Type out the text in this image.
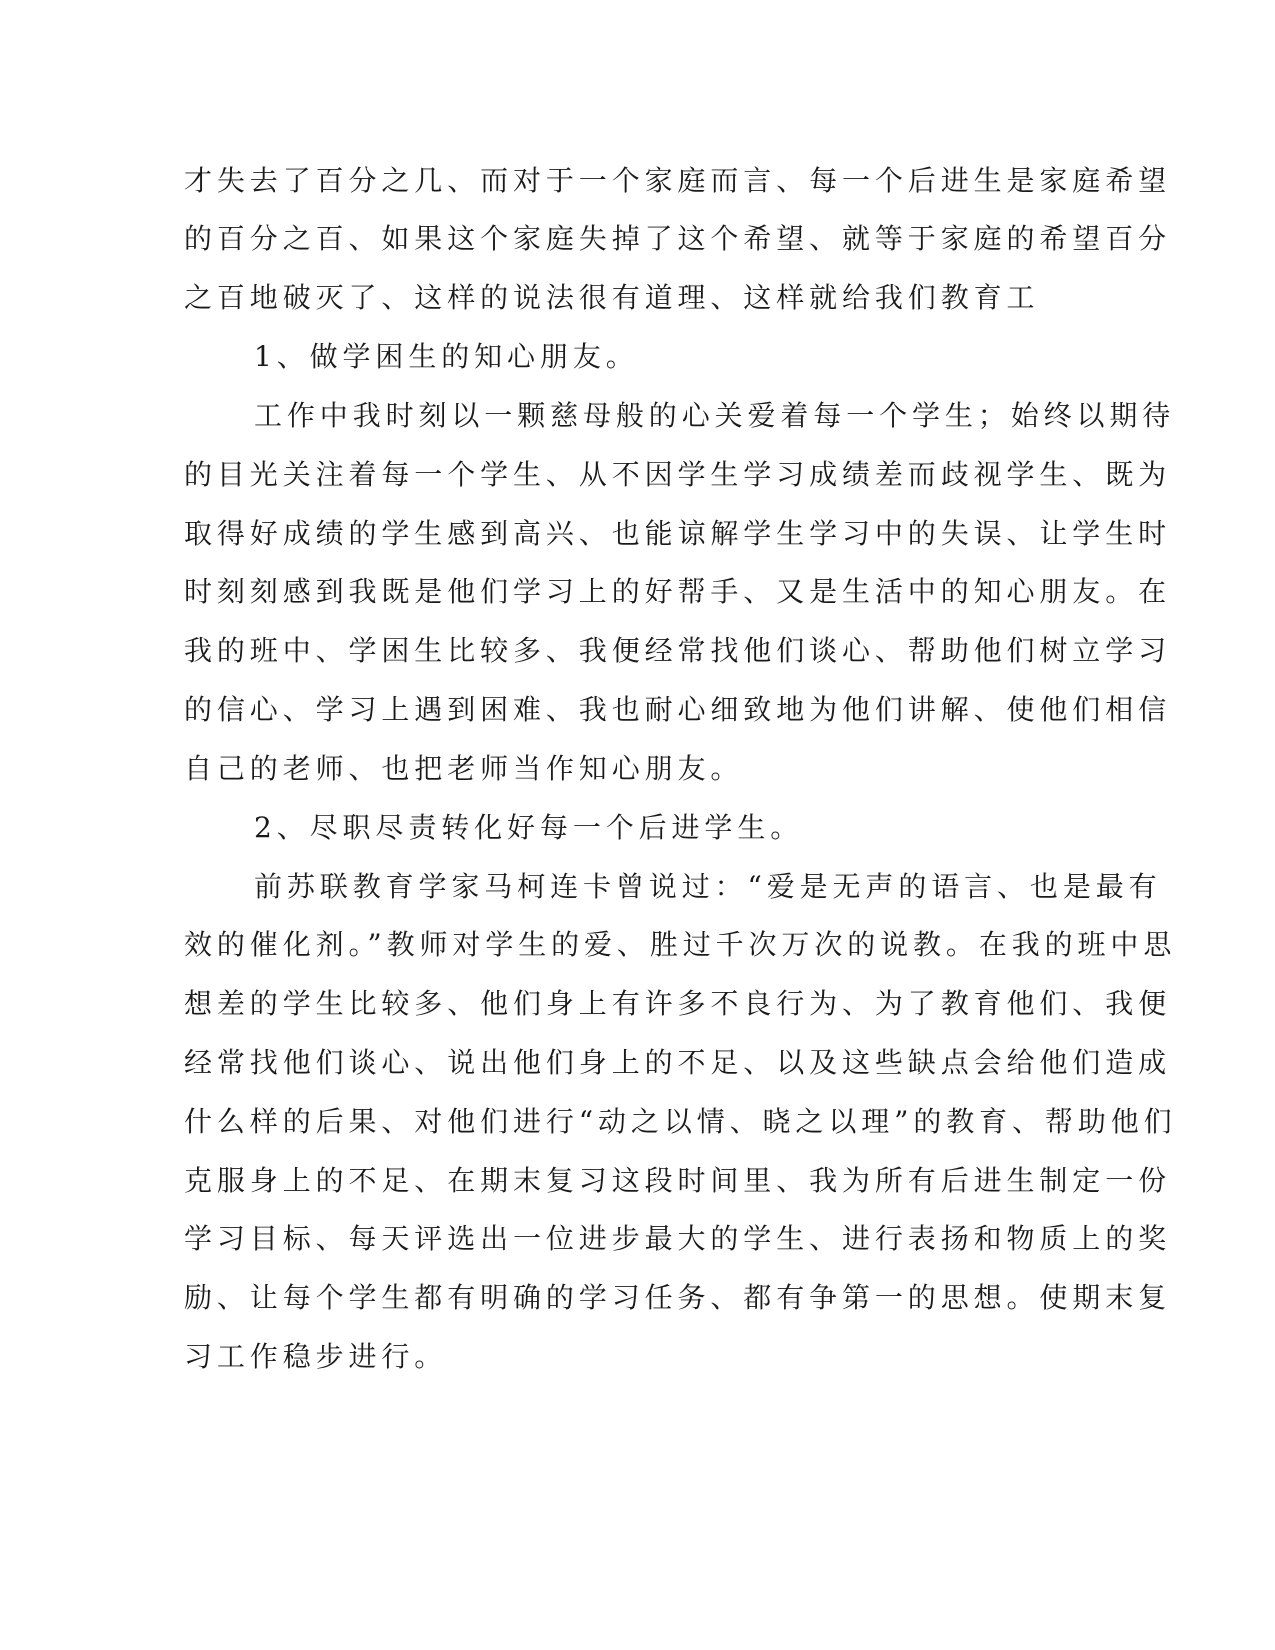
才失去了百分之几、而对于一个家庭而言、每一个后进生是家庭希望

的百分之百、如果这个家庭失掉了这个希望、就等于家庭的希望百分

之百地破灭了、这样的说法很有道理、这样就给我们教育工

1、做学困生的知心朋友。

工作中我时刻以一颗慈母般的心关爱着每一个学生；始终以期待

的目光关注着每一个学生、从不因学生学习成绩差而歧视学生、既为

取得好成绩的学生感到高兴、也能谅解学生学习中的失误、让学生时

时刻刻感到我既是他们学习上的好帮手、又是生活中的知心朋友。在

我的班中、学困生比较多、我便经常找他们谈心、帮助他们树立学习

的信心、学习上遇到困难、我也耐心细致地为他们讲解、使他们相信

自己的老师、也把老师当作知心朋友。

2、尽职尽责转化好每一个后进学生。

前苏联教育学家马柯连卡曾说过：“爱是无声的语言、也是最有

效的催化剂。”教师对学生的爱、胜过千次万次的说教。在我的班中思

想差的学生比较多、他们身上有许多不良行为、为了教育他们、我便

经常找他们谈心、说出他们身上的不足、以及这些缺点会给他们造成

什么样的后果、对他们进行“动之以情、晓之以理”的教育、帮助他们

克服身上的不足、在期末复习这段时间里、我为所有后进生制定一份

学习目标、每天评选出一位进步最大的学生、进行表扬和物质上的奖

励、让每个学生都有明确的学习任务、都有争第一的思想。使期末复

习工作稳步进行。
